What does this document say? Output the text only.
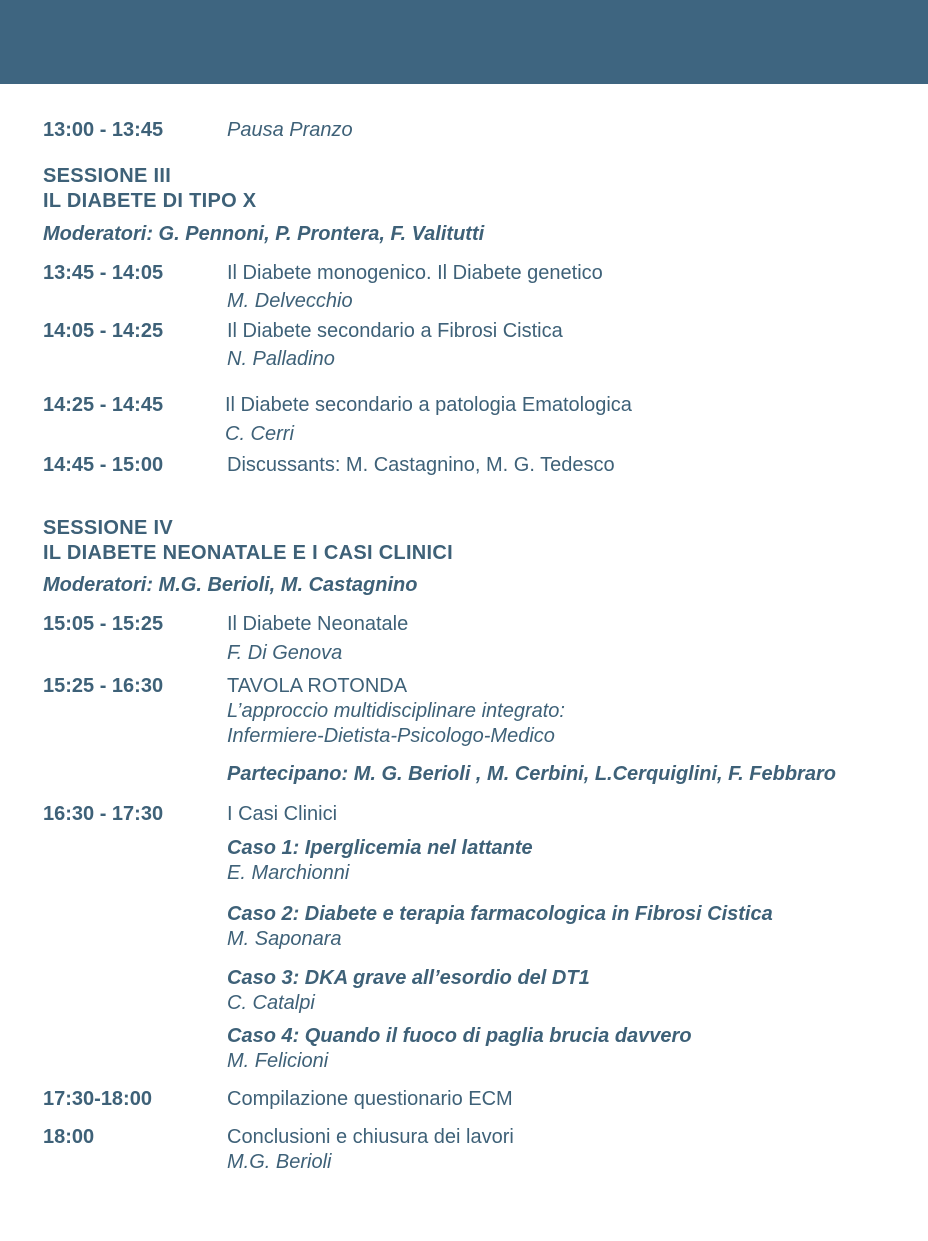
13:00 - 13:45	Pausa Pranzo
SESSIONE III
IL DIABETE DI TIPO X
Moderatori: G. Pennoni, P. Prontera, F. Valitutti
13:45 - 14:05	Il Diabete monogenico. Il Diabete genetico
M. Delvecchio
14:05 - 14:25	Il Diabete secondario a Fibrosi Cistica
N. Palladino
14:25 - 14:45	Il Diabete secondario a patologia Ematologica
C. Cerri
14:45 - 15:00	Discussants: M. Castagnino, M. G. Tedesco
SESSIONE IV
IL DIABETE NEONATALE E I CASI CLINICI
Moderatori: M.G. Berioli, M. Castagnino
15:05 - 15:25	Il Diabete Neonatale
F. Di Genova
15:25 - 16:30	TAVOLA ROTONDA
L’approccio multidisciplinare integrato:
Infermiere-Dietista-Psicologo-Medico
Partecipano: M. G. Berioli , M. Cerbini, L.Cerquiglini, F. Febbraro
16:30 - 17:30	I Casi Clinici
Caso 1: Iperglicemia nel lattante
E. Marchionni
Caso 2: Diabete e terapia farmacologica in Fibrosi Cistica
M. Saponara
Caso 3: DKA grave all’esordio del DT1
C. Catalpi
Caso 4: Quando il fuoco di paglia brucia davvero
M. Felicioni
17:30-18:00	Compilazione questionario ECM
18:00	Conclusioni e chiusura dei lavori
M.G. Berioli
